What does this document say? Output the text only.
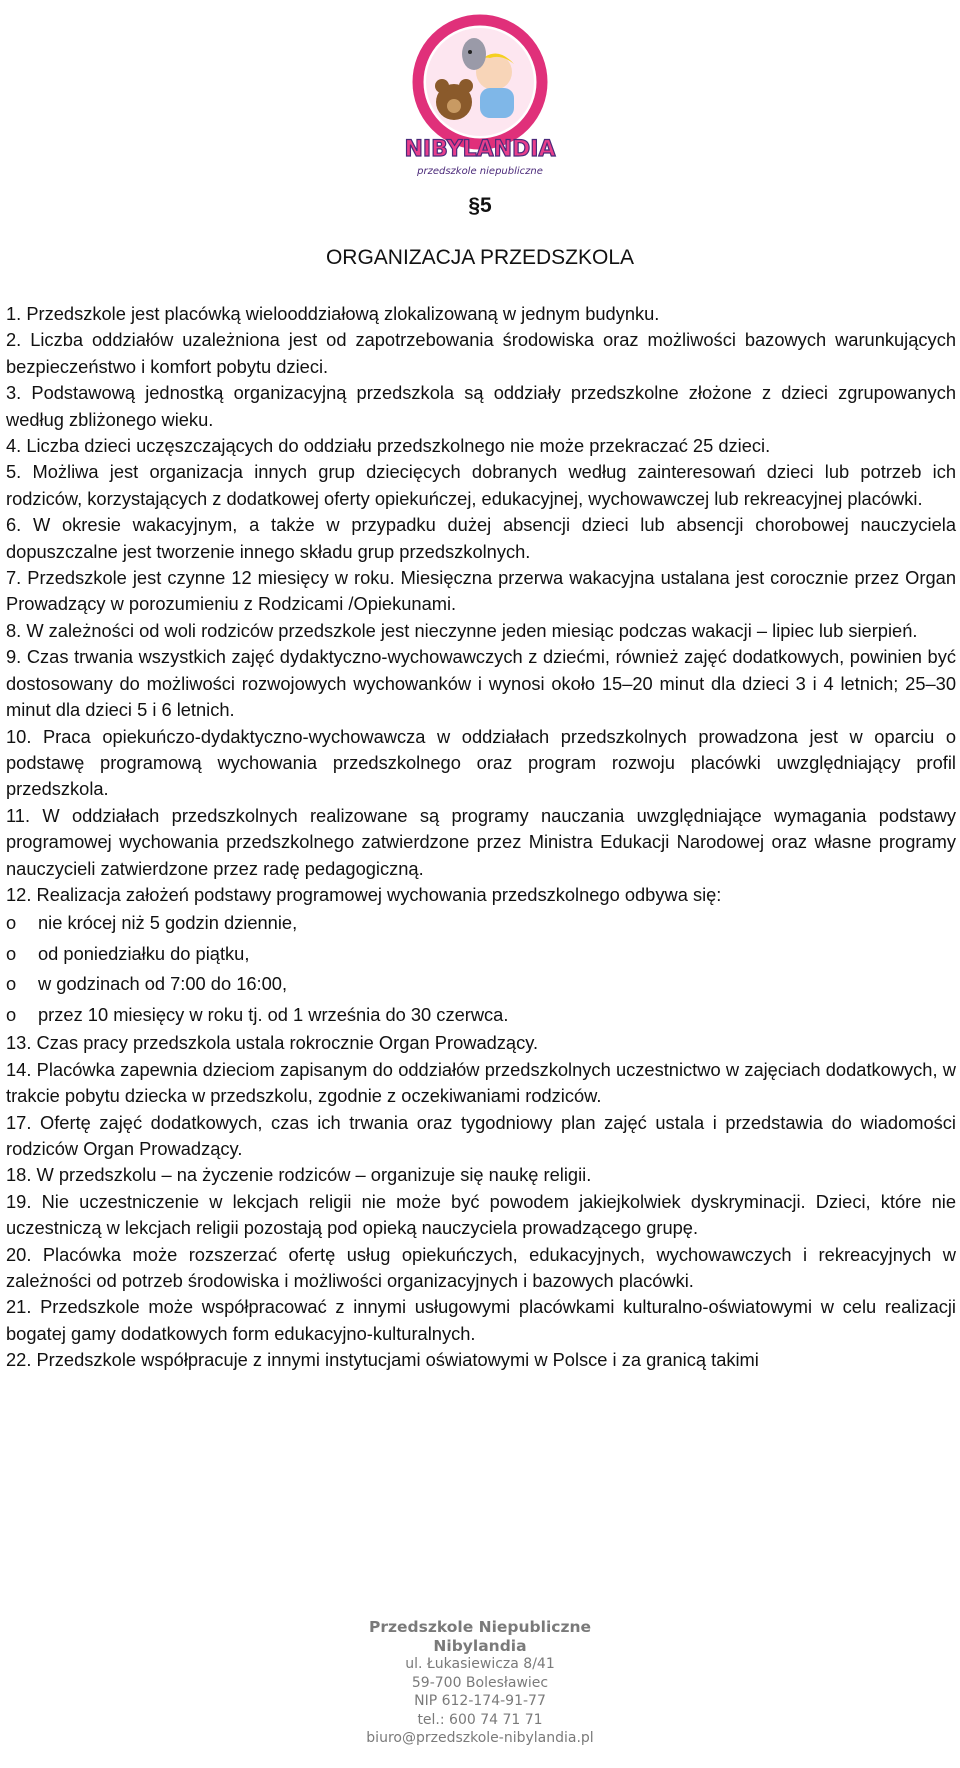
NIBYLANDIA
przedszkole niepubliczne
§5
ORGANIZACJA PRZEDSZKOLA

1. Przedszkole jest placówką wielooddziałową zlokalizowaną w jednym budynku.

2. Liczba oddziałów uzależniona jest od zapotrzebowania środowiska oraz możliwości bazowych warunkujących bezpieczeństwo i komfort pobytu dzieci.

3. Podstawową jednostką organizacyjną przedszkola są oddziały przedszkolne złożone z dzieci zgrupowanych według zbliżonego wieku.

4. Liczba dzieci uczęszczających do oddziału przedszkolnego nie może przekraczać 25 dzieci.

5. Możliwa jest organizacja innych grup dziecięcych dobranych według zainteresowań dzieci lub potrzeb ich rodziców, korzystających z dodatkowej oferty opiekuńczej, edukacyjnej, wychowawczej lub rekreacyjnej placówki.

6. W okresie wakacyjnym, a także w przypadku dużej absencji dzieci lub absencji chorobowej nauczyciela dopuszczalne jest tworzenie innego składu grup przedszkolnych.

7. Przedszkole jest czynne 12 miesięcy w roku. Miesięczna przerwa wakacyjna ustalana jest corocznie przez Organ Prowadzący w porozumieniu z Rodzicami /Opiekunami.

8. W zależności od woli rodziców przedszkole jest nieczynne jeden miesiąc podczas wakacji – lipiec lub sierpień.

9. Czas trwania wszystkich zajęć dydaktyczno-wychowawczych z dziećmi, również zajęć dodatkowych, powinien być dostosowany do możliwości rozwojowych wychowanków i wynosi około 15–20 minut dla dzieci 3 i 4 letnich; 25–30 minut dla dzieci 5 i 6 letnich.

10. Praca opiekuńczo-dydaktyczno-wychowawcza w oddziałach przedszkolnych prowadzona jest w oparciu o podstawę programową wychowania przedszkolnego oraz program rozwoju placówki uwzględniający profil przedszkola.

11. W oddziałach przedszkolnych realizowane są programy nauczania uwzględniające wymagania podstawy programowej wychowania przedszkolnego zatwierdzone przez Ministra Edukacji Narodowej oraz własne programy nauczycieli zatwierdzone przez radę pedagogiczną.

12. Realizacja założeń podstawy programowej wychowania przedszkolnego odbywa się:

o	nie krócej niż 5 godzin dziennie,
o	od poniedziałku do piątku,
o	w godzinach od 7:00 do 16:00,
o	przez 10 miesięcy w roku tj. od 1 września do 30 czerwca.

13. Czas pracy przedszkola ustala rokrocznie Organ Prowadzący.

14. Placówka zapewnia dzieciom zapisanym do oddziałów przedszkolnych uczestnictwo w zajęciach dodatkowych, w trakcie pobytu dziecka w przedszkolu, zgodnie z oczekiwaniami rodziców.

17. Ofertę zajęć dodatkowych, czas ich trwania oraz tygodniowy plan zajęć ustala i przedstawia do wiadomości rodziców Organ Prowadzący.

18. W przedszkolu – na życzenie rodziców – organizuje się naukę religii.

19. Nie uczestniczenie w lekcjach religii nie może być powodem jakiejkolwiek dyskryminacji. Dzieci, które nie uczestniczą w lekcjach religii pozostają pod opieką nauczyciela prowadzącego grupę.

20. Placówka może rozszerzać ofertę usług opiekuńczych, edukacyjnych, wychowawczych i rekreacyjnych w zależności od potrzeb środowiska i możliwości organizacyjnych i bazowych placówki.

21. Przedszkole może współpracować z innymi usługowymi placówkami kulturalno-oświatowymi w celu realizacji bogatej gamy dodatkowych form edukacyjno-kulturalnych.

22. Przedszkole współpracuje z innymi instytucjami oświatowymi w Polsce i za granicą takimi

Przedszkole Niepubliczne
Nibylandia
ul. Łukasiewicza 8/41
59-700 Bolesławiec
NIP 612-174-91-77
tel.: 600 74 71 71
biuro@przedszkole-nibylandia.pl
